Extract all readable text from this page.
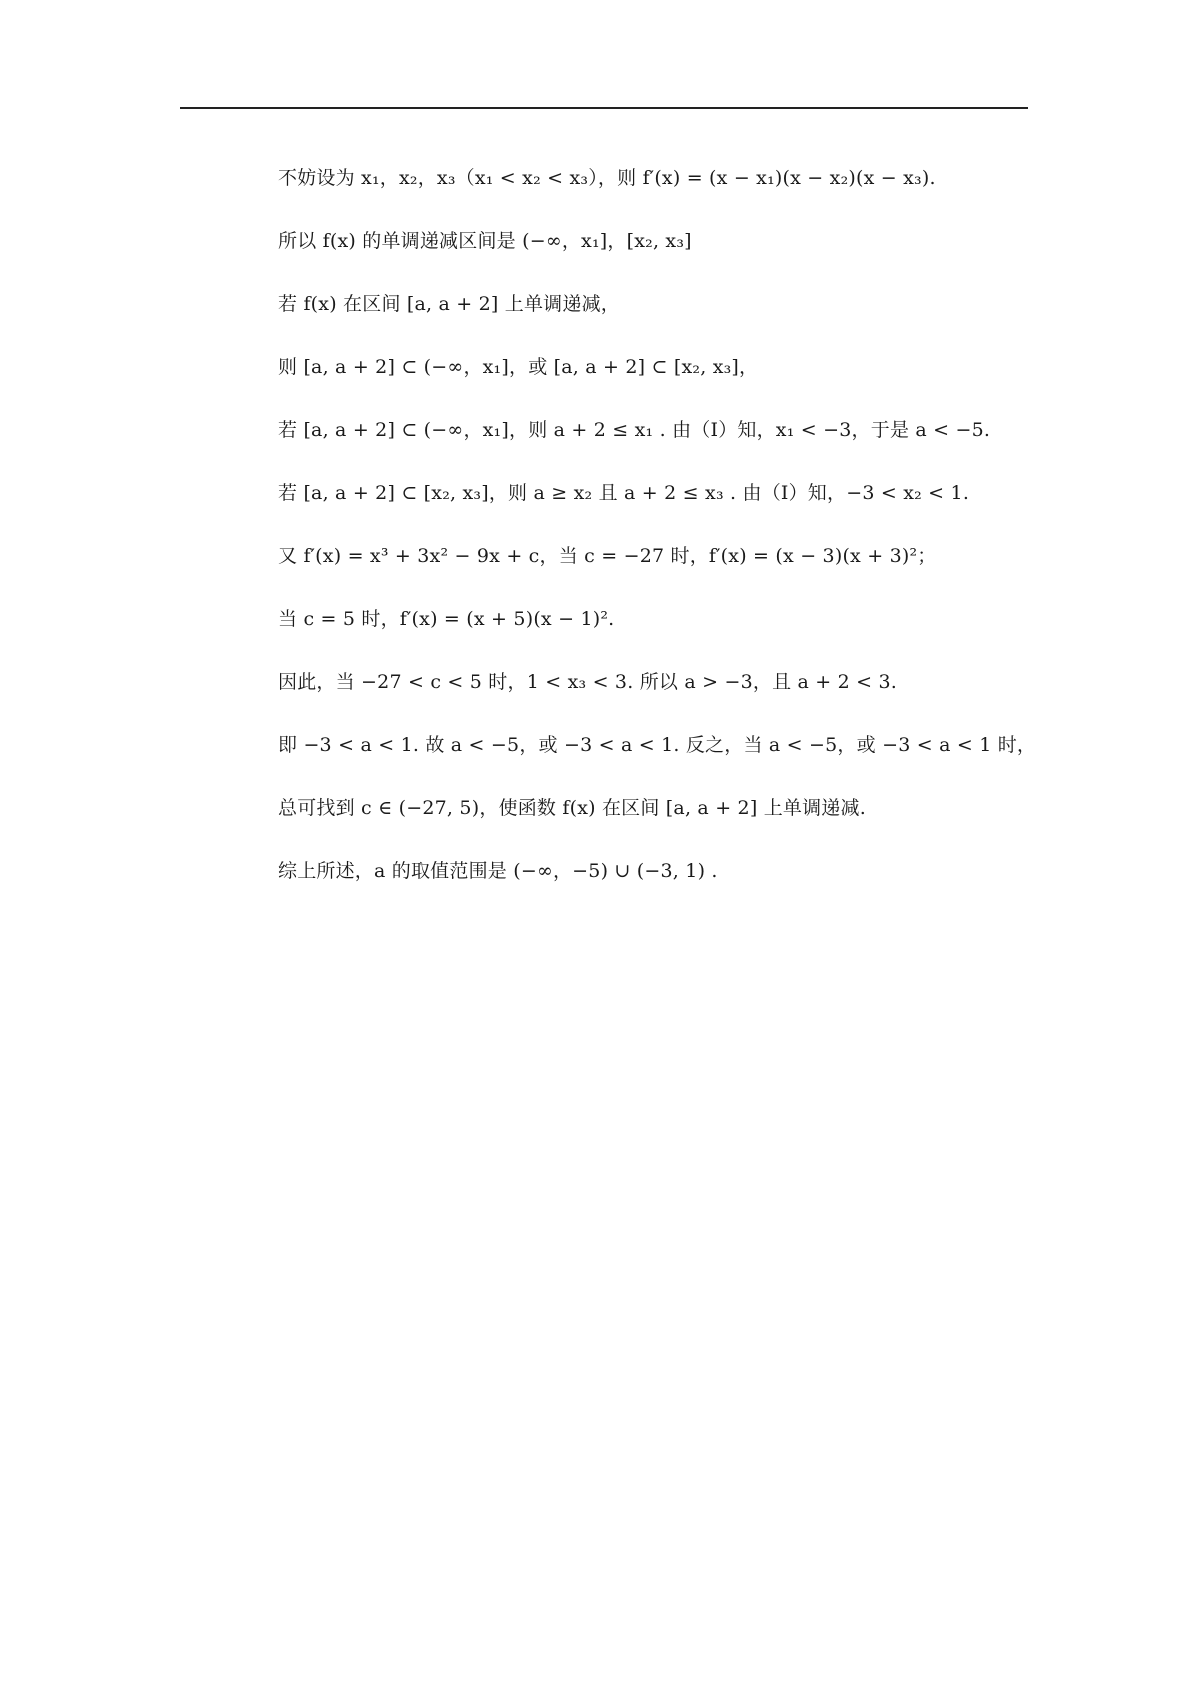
不妨设为 x₁，x₂，x₃（x₁ < x₂ < x₃），则 f′(x) = (x − x₁)(x − x₂)(x − x₃).
所以 f(x) 的单调递减区间是 (−∞，x₁]，[x₂, x₃]
若 f(x) 在区间 [a, a + 2] 上单调递减，
则 [a, a + 2] ⊂ (−∞，x₁]，或 [a, a + 2] ⊂ [x₂, x₃]，
若 [a, a + 2] ⊂ (−∞，x₁]，则 a + 2 ≤ x₁ . 由（I）知，x₁ < −3，于是 a < −5.
若 [a, a + 2] ⊂ [x₂, x₃]，则 a ≥ x₂ 且 a + 2 ≤ x₃ . 由（I）知，−3 < x₂ < 1.
又 f′(x) = x³ + 3x² − 9x + c，当 c = −27 时，f′(x) = (x − 3)(x + 3)²；
当 c = 5 时，f′(x) = (x + 5)(x − 1)².
因此，当 −27 < c < 5 时，1 < x₃ < 3. 所以 a > −3，且 a + 2 < 3.
即 −3 < a < 1. 故 a < −5，或 −3 < a < 1. 反之，当 a < −5，或 −3 < a < 1 时，
总可找到 c ∈ (−27, 5)，使函数 f(x) 在区间 [a, a + 2] 上单调递减.
综上所述，a 的取值范围是 (−∞，−5) ∪ (−3, 1) .
